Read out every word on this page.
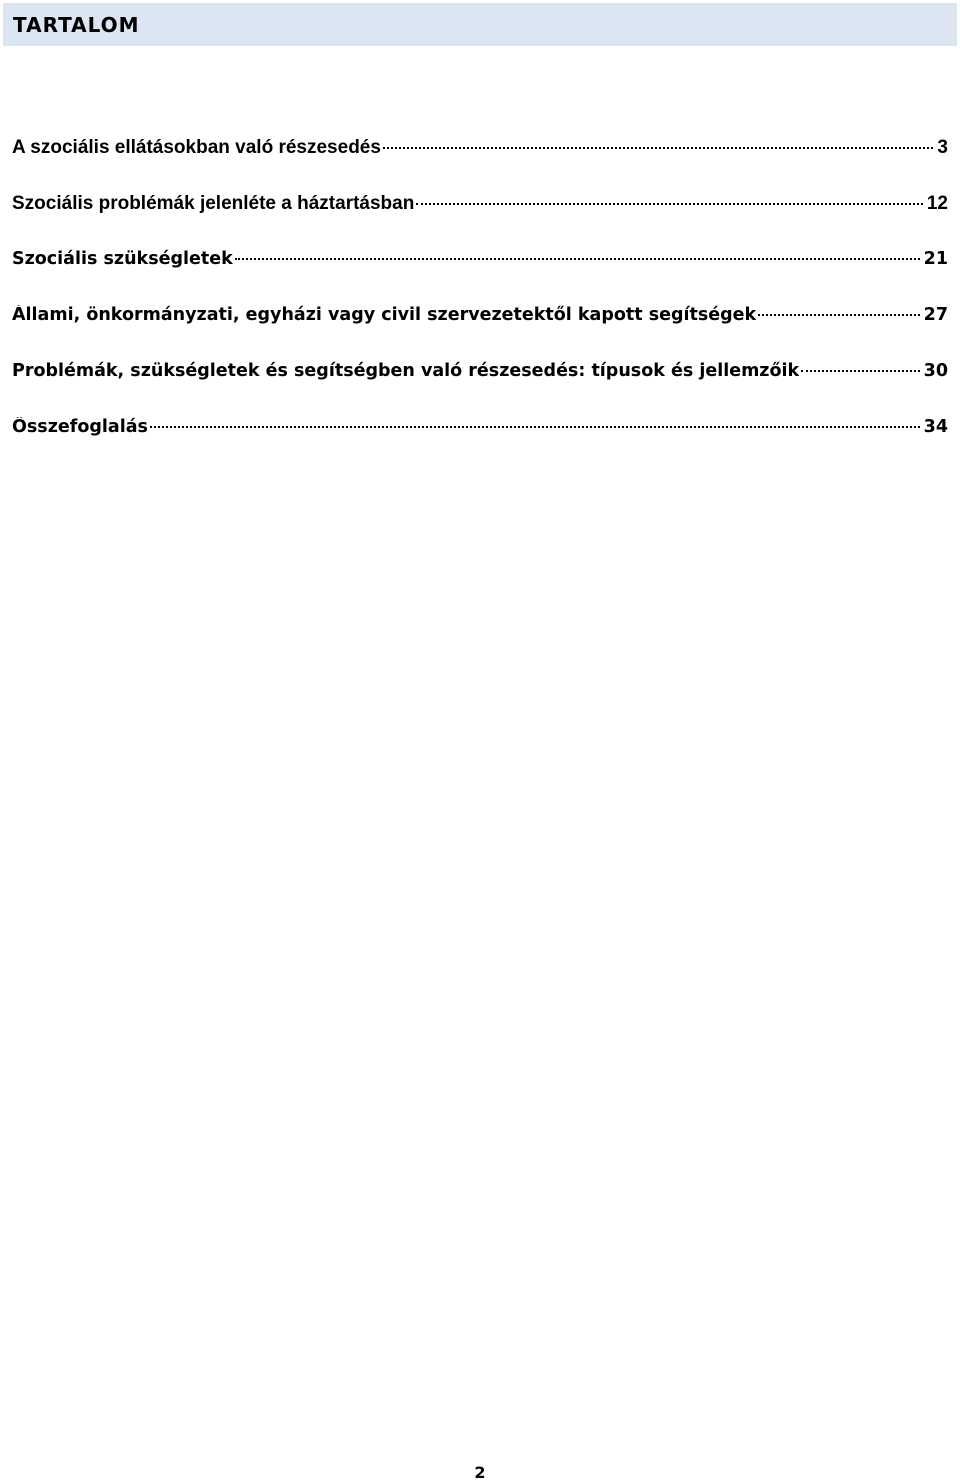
TARTALOM
A szociális ellátásokban való részesedés	3
Szociális problémák jelenléte a háztartásban	12
Szociális szükségletek	21
Állami, önkormányzati, egyházi vagy civil szervezetektől kapott segítségek	27
Problémák, szükségletek és segítségben való részesedés: típusok és jellemzőik	30
Összefoglalás	34
2
